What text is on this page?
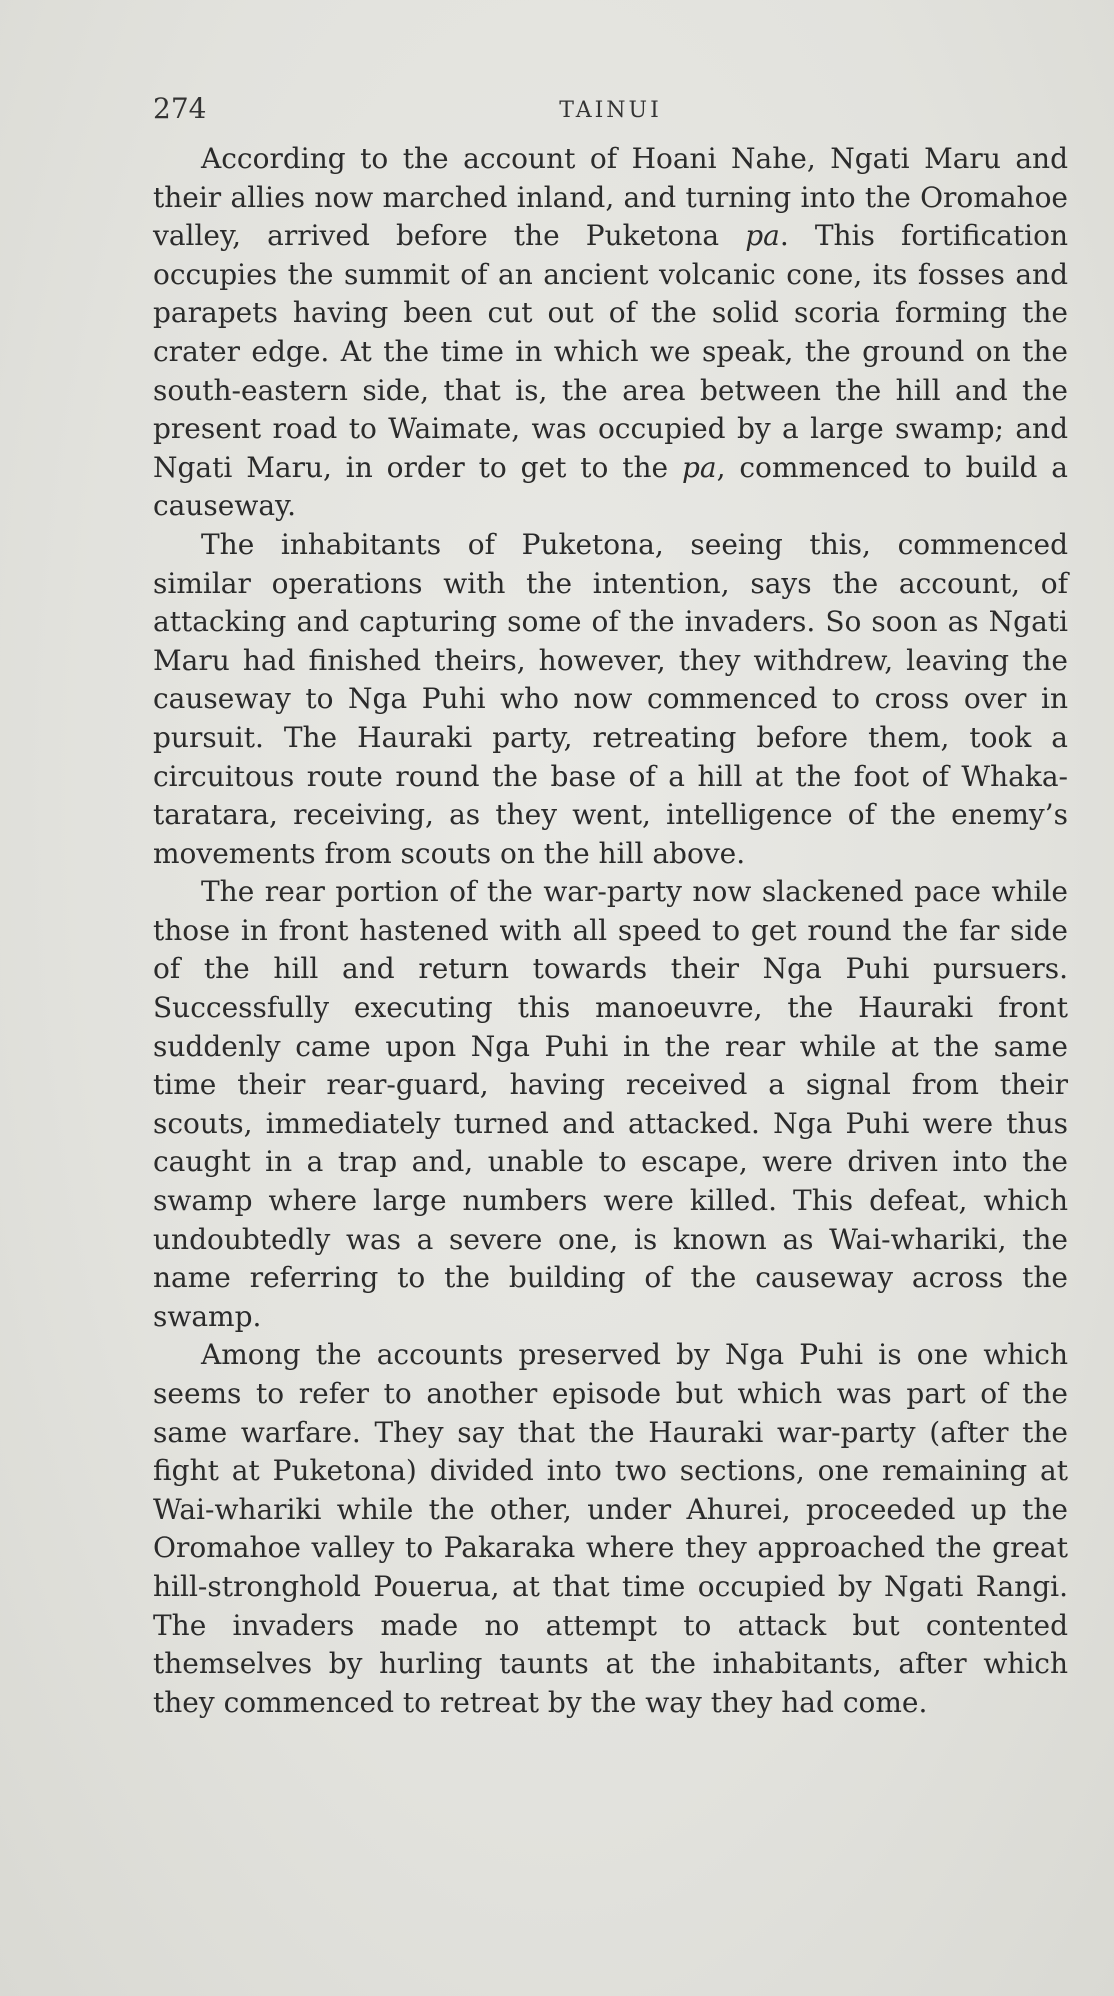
274	TAINUI

According to the account of Hoani Nahe, Ngati Maru and their allies now marched inland, and turning into the Oromahoe valley, arrived before the Puketona pa. This fortification occupies the summit of an ancient volcanic cone, its fosses and parapets having been cut out of the solid scoria forming the crater edge. At the time in which we speak, the ground on the south-eastern side, that is, the area between the hill and the present road to Waimate, was occupied by a large swamp; and Ngati Maru, in order to get to the pa, commenced to build a causeway.

The inhabitants of Puketona, seeing this, commenced similar operations with the intention, says the account, of attacking and capturing some of the invaders. So soon as Ngati Maru had finished theirs, however, they withdrew, leaving the causeway to Nga Puhi who now commenced to cross over in pursuit. The Hauraki party, retreating before them, took a circuitous route round the base of a hill at the foot of Whaka-taratara, receiving, as they went, intelligence of the enemy’s movements from scouts on the hill above.

The rear portion of the war-party now slackened pace while those in front hastened with all speed to get round the far side of the hill and return towards their Nga Puhi pursuers. Successfully executing this manoeuvre, the Hauraki front suddenly came upon Nga Puhi in the rear while at the same time their rear-guard, having received a signal from their scouts, immediately turned and attacked. Nga Puhi were thus caught in a trap and, unable to escape, were driven into the swamp where large numbers were killed. This defeat, which undoubtedly was a severe one, is known as Wai-whariki, the name referring to the building of the causeway across the swamp.

Among the accounts preserved by Nga Puhi is one which seems to refer to another episode but which was part of the same warfare. They say that the Hauraki war-party (after the fight at Puketona) divided into two sections, one remaining at Wai-whariki while the other, under Ahurei, proceeded up the Oromahoe valley to Pakaraka where they approached the great hill-stronghold Pouerua, at that time occupied by Ngati Rangi. The invaders made no attempt to attack but contented themselves by hurling taunts at the inhabitants, after which they commenced to retreat by the way they had come.
